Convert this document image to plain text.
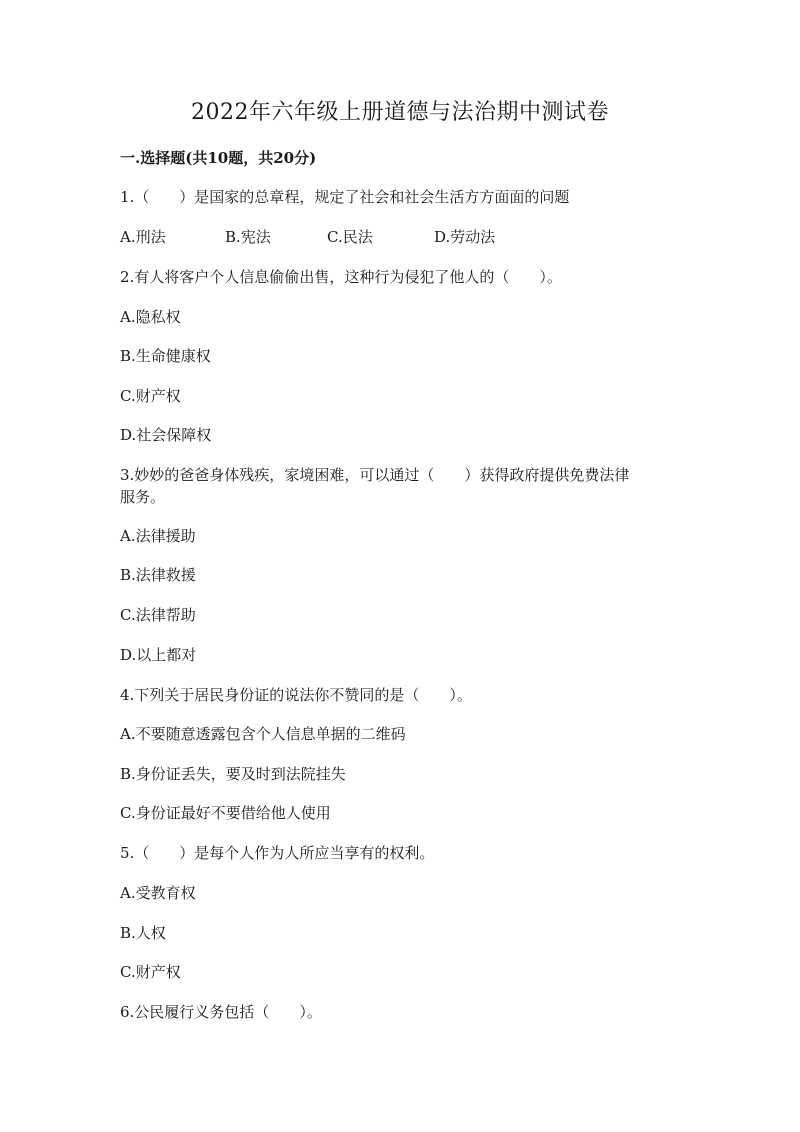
2022年六年级上册道德与法治期中测试卷
一.选择题(共10题，共20分)
1.（　　）是国家的总章程，规定了社会和社会生活方方面面的问题
A.刑法	B.宪法	C.民法	D.劳动法
2.有人将客户个人信息偷偷出售，这种行为侵犯了他人的（　　）。
A.隐私权
B.生命健康权
C.财产权
D.社会保障权
3.妙妙的爸爸身体残疾，家境困难，可以通过（　　）获得政府提供免费法律
服务。
A.法律援助
B.法律救援
C.法律帮助
D.以上都对
4.下列关于居民身份证的说法你不赞同的是（　　）。
A.不要随意透露包含个人信息单据的二维码
B.身份证丢失，要及时到法院挂失
C.身份证最好不要借给他人使用
5.（　　）是每个人作为人所应当享有的权利。
A.受教育权
B.人权
C.财产权
6.公民履行义务包括（　　）。
